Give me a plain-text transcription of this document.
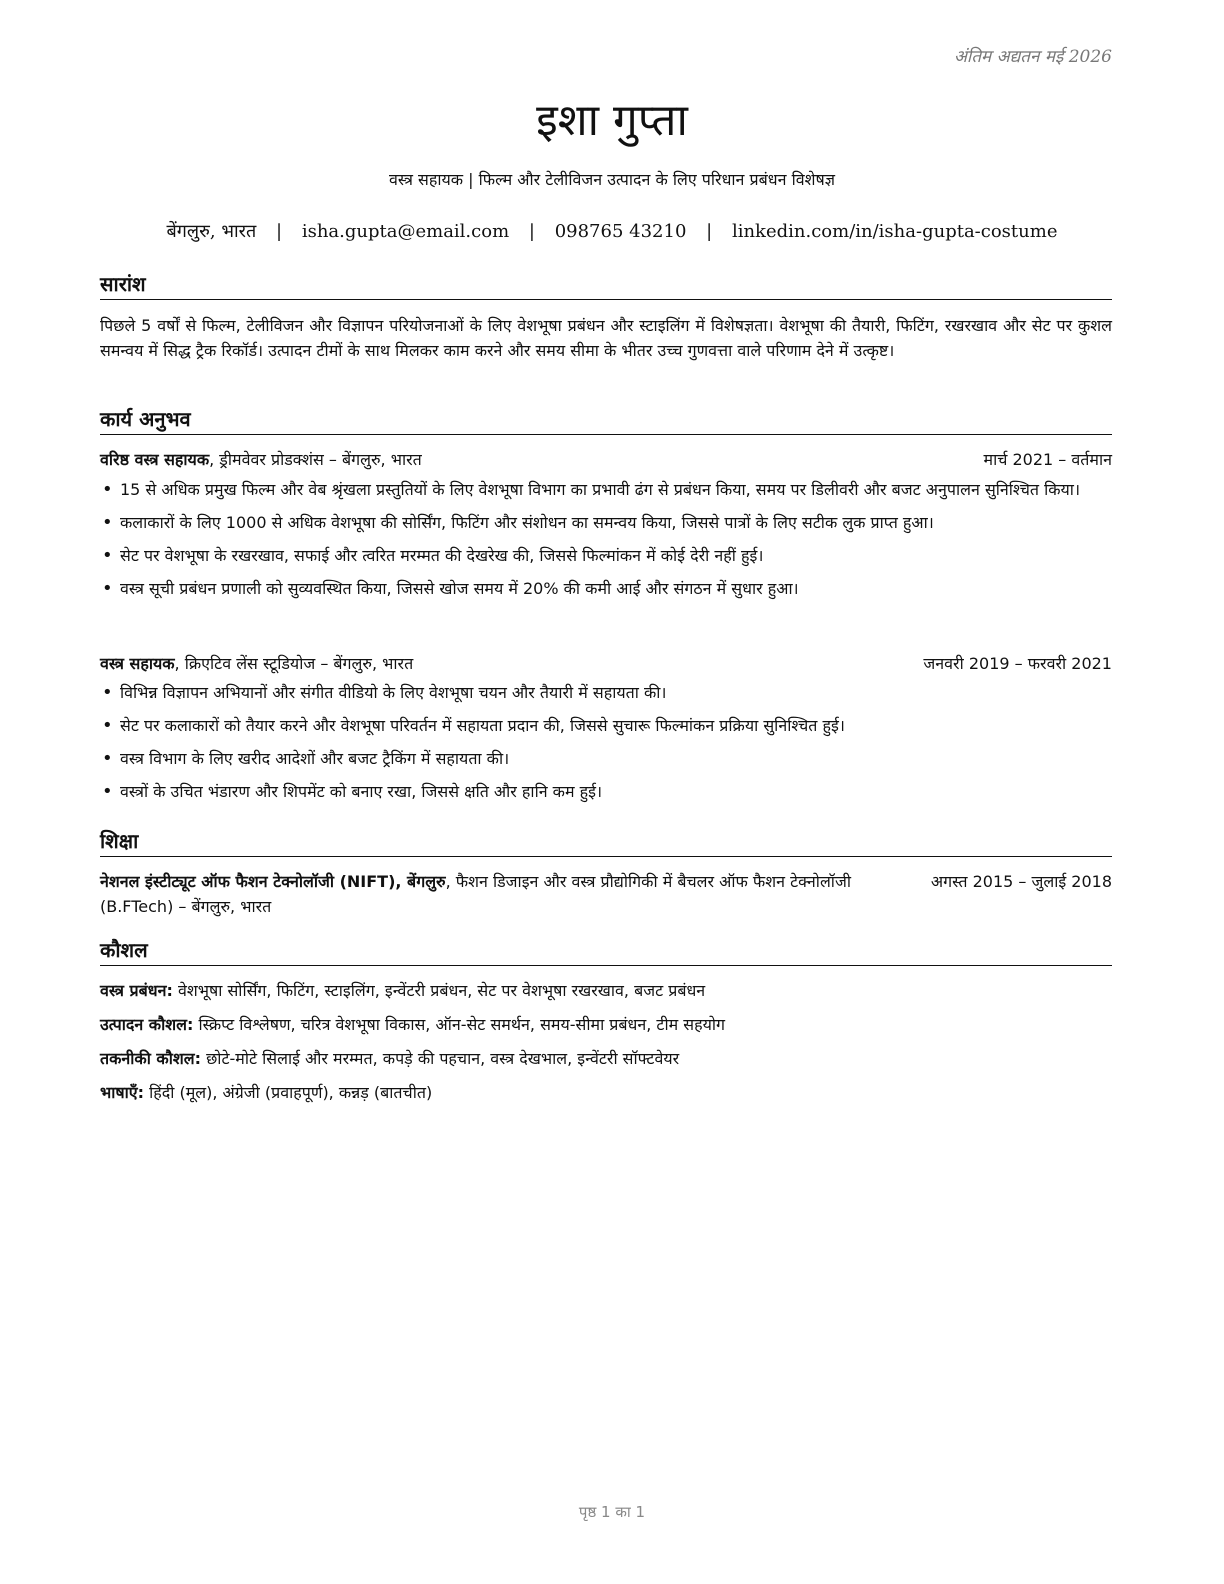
अंतिम अद्यतन मई 2026
इशा गुप्ता
वस्त्र सहायक | फिल्म और टेलीविजन उत्पादन के लिए परिधान प्रबंधन विशेषज्ञ
बेंगलुरु, भारत | isha.gupta@email.com | 098765 43210 | linkedin.com/in/isha-gupta-costume
सारांश
पिछले 5 वर्षों से फिल्म, टेलीविजन और विज्ञापन परियोजनाओं के लिए वेशभूषा प्रबंधन और स्टाइलिंग में विशेषज्ञता। वेशभूषा की तैयारी, फिटिंग, रखरखाव और सेट पर कुशल समन्वय में सिद्ध ट्रैक रिकॉर्ड। उत्पादन टीमों के साथ मिलकर काम करने और समय सीमा के भीतर उच्च गुणवत्ता वाले परिणाम देने में उत्कृष्ट।
कार्य अनुभव
वरिष्ठ वस्त्र सहायक, ड्रीमवेवर प्रोडक्शंस – बेंगलुरु, भारत	मार्च 2021 – वर्तमान
• 15 से अधिक प्रमुख फिल्म और वेब श्रृंखला प्रस्तुतियों के लिए वेशभूषा विभाग का प्रभावी ढंग से प्रबंधन किया, समय पर डिलीवरी और बजट अनुपालन सुनिश्चित किया।
• कलाकारों के लिए 1000 से अधिक वेशभूषा की सोर्सिंग, फिटिंग और संशोधन का समन्वय किया, जिससे पात्रों के लिए सटीक लुक प्राप्त हुआ।
• सेट पर वेशभूषा के रखरखाव, सफाई और त्वरित मरम्मत की देखरेख की, जिससे फिल्मांकन में कोई देरी नहीं हुई।
• वस्त्र सूची प्रबंधन प्रणाली को सुव्यवस्थित किया, जिससे खोज समय में 20% की कमी आई और संगठन में सुधार हुआ।
वस्त्र सहायक, क्रिएटिव लेंस स्टूडियोज – बेंगलुरु, भारत	जनवरी 2019 – फरवरी 2021
• विभिन्न विज्ञापन अभियानों और संगीत वीडियो के लिए वेशभूषा चयन और तैयारी में सहायता की।
• सेट पर कलाकारों को तैयार करने और वेशभूषा परिवर्तन में सहायता प्रदान की, जिससे सुचारू फिल्मांकन प्रक्रिया सुनिश्चित हुई।
• वस्त्र विभाग के लिए खरीद आदेशों और बजट ट्रैकिंग में सहायता की।
• वस्त्रों के उचित भंडारण और शिपमेंट को बनाए रखा, जिससे क्षति और हानि कम हुई।
शिक्षा
नेशनल इंस्टीट्यूट ऑफ फैशन टेक्नोलॉजी (NIFT), बेंगलुरु, फैशन डिजाइन और वस्त्र प्रौद्योगिकी में बैचलर ऑफ फैशन टेक्नोलॉजी (B.FTech) – बेंगलुरु, भारत
अगस्त 2015 – जुलाई 2018
कौशल
वस्त्र प्रबंधन: वेशभूषा सोर्सिंग, फिटिंग, स्टाइलिंग, इन्वेंटरी प्रबंधन, सेट पर वेशभूषा रखरखाव, बजट प्रबंधन
उत्पादन कौशल: स्क्रिप्ट विश्लेषण, चरित्र वेशभूषा विकास, ऑन-सेट समर्थन, समय-सीमा प्रबंधन, टीम सहयोग
तकनीकी कौशल: छोटे-मोटे सिलाई और मरम्मत, कपड़े की पहचान, वस्त्र देखभाल, इन्वेंटरी सॉफ्टवेयर
भाषाएँ: हिंदी (मूल), अंग्रेजी (प्रवाहपूर्ण), कन्नड़ (बातचीत)
पृष्ठ 1 का 1
